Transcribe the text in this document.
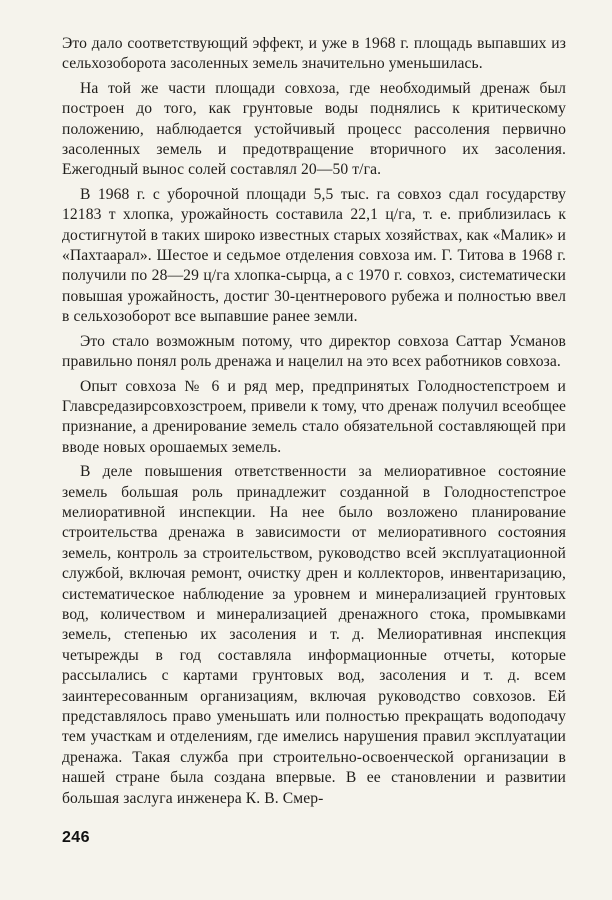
Это дало соответствующий эффект, и уже в 1968 г. площадь выпавших из сельхозоборота засоленных земель значительно уменьшилась.

На той же части площади совхоза, где необходимый дренаж был построен до того, как грунтовые воды поднялись к критическому положению, наблюдается устойчивый процесс рассоления первично засоленных земель и предотвращение вторичного их засоления. Ежегодный вынос солей составлял 20—50 т/га.

В 1968 г. с уборочной площади 5,5 тыс. га совхоз сдал государству 12183 т хлопка, урожайность составила 22,1 ц/га, т. е. приблизилась к достигнутой в таких широко известных старых хозяйствах, как «Малик» и «Пахтаарал». Шестое и седьмое отделения совхоза им. Г. Титова в 1968 г. получили по 28—29 ц/га хлопка-сырца, а с 1970 г. совхоз, систематически повышая урожайность, достиг 30-центнерового рубежа и полностью ввел в сельхозоборот все выпавшие ранее земли.

Это стало возможным потому, что директор совхоза Саттар Усманов правильно понял роль дренажа и нацелил на это всех работников совхоза.

Опыт совхоза № 6 и ряд мер, предпринятых Голодностепстроем и Главсредазирсовхозстроем, привели к тому, что дренаж получил всеобщее признание, а дренирование земель стало обязательной составляющей при вводе новых орошаемых земель.

В деле повышения ответственности за мелиоративное состояние земель большая роль принадлежит созданной в Голодностепстрое мелиоративной инспекции. На нее было возложено планирование строительства дренажа в зависимости от мелиоративного состояния земель, контроль за строительством, руководство всей эксплуатационной службой, включая ремонт, очистку дрен и коллекторов, инвентаризацию, систематическое наблюдение за уровнем и минерализацией грунтовых вод, количеством и минерализацией дренажного стока, промывками земель, степенью их засоления и т. д. Мелиоративная инспекция четырежды в год составляла информационные отчеты, которые рассылались с картами грунтовых вод, засоления и т. д. всем заинтересованным организациям, включая руководство совхозов. Ей представлялось право уменьшать или полностью прекращать водоподачу тем участкам и отделениям, где имелись нарушения правил эксплуатации дренажа. Такая служба при строительно-освоенческой организации в нашей стране была создана впервые. В ее становлении и развитии большая заслуга инженера К. В. Смер-

246
